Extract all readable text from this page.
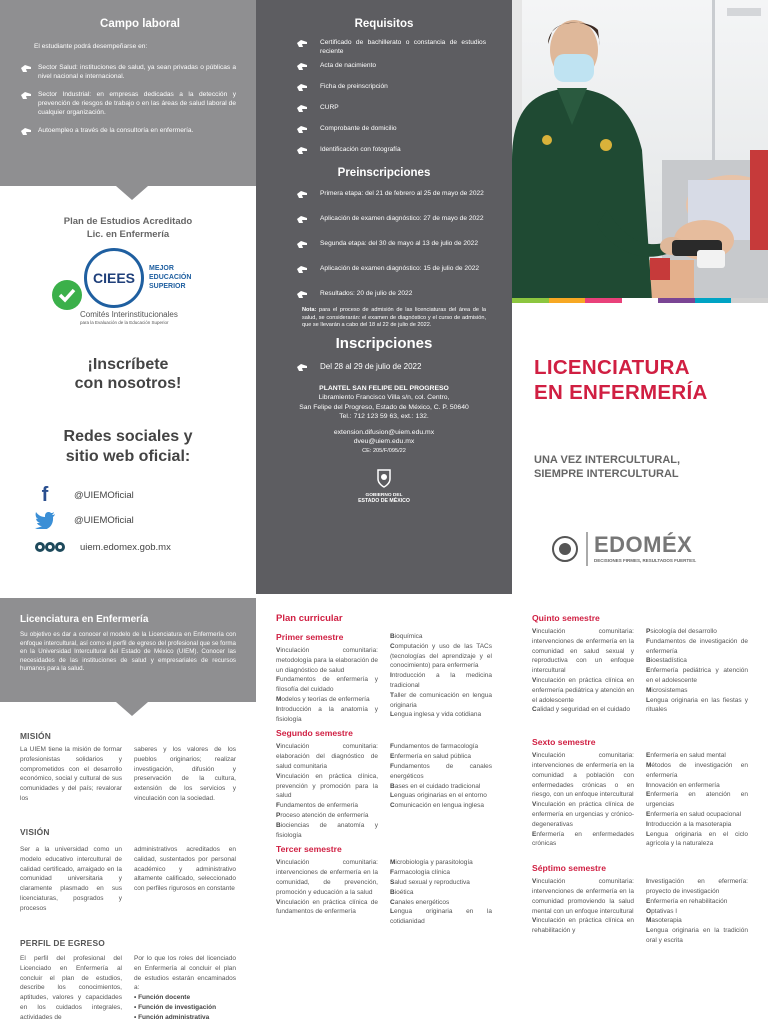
Campo laboral
El estudiante podrá desempeñarse en:
Sector Salud: instituciones de salud, ya sean privadas o públicas a nivel nacional e internacional.
Sector Industrial: en empresas dedicadas a la detección y prevención de riesgos de trabajo o en las áreas de salud laboral de cualquier organización.
Autoempleo a través de la consultoría en enfermería.
Plan de Estudios Acreditado
Lic. en Enfermería
CIEES
MEJOR
EDUCACIÓN
SUPERIOR
Comités Interinstitucionales
para la Evaluación de la Educación Superior
¡Inscríbete
con nosotros!
Redes sociales y
sitio web oficial:
f	@UIEMOficial
@UIEMOficial
uiem.edomex.gob.mx
Requisitos
Certificado de bachillerato o constancia de estudios reciente
Acta de nacimiento
Ficha de preinscripción
CURP
Comprobante de domicilio
Identificación con fotografía
Preinscripciones
Primera etapa: del 21 de febrero al 25 de mayo de 2022
Aplicación de examen diagnóstico: 27 de mayo de 2022
Segunda etapa: del 30 de mayo al 13 de julio de 2022
Aplicación de examen diagnóstico: 15 de julio de 2022
Resultados: 20 de julio de 2022
Nota: para el proceso de admisión de las licenciaturas del área de la salud, se considerarán: el examen de diagnóstico y el curso de admisión, que se llevarán a cabo del 18 al 22 de julio de 2022.
Inscripciones
Del 28 al 29 de julio de 2022
PLANTEL SAN FELIPE DEL PROGRESO
Libramiento Francisco Villa s/n, col. Centro,
San Felipe del Progreso, Estado de México, C. P. 50640
Tel.: 712 123 59 63, ext.: 132.
extension.difusion@uiem.edu.mx
dveu@uiem.edu.mx
CE: 205/F/095/22
GOBIERNO DEL
ESTADO DE MÉXICO
LICENCIATURA
EN ENFERMERÍA
UNA VEZ INTERCULTURAL,
SIEMPRE INTERCULTURAL
EDOMÉX
DECISIONES FIRMES, RESULTADOS FUERTES.
Licenciatura en Enfermería
Su objetivo es dar a conocer el modelo de la Licenciatura en Enfermería con enfoque intercultural, así como el perfil de egreso del profesional que se forma en la Universidad Intercultural del Estado de México (UIEM). Conocer las necesidades de las instituciones de salud y empresariales de recursos humanos para la salud.
MISIÓN

La UIEM tiene la misión de formar profesionistas solidarios y comprometidos con el desarrollo económico, social y cultural de sus comunidades y del país; revalorar los

saberes y los valores de los pueblos originarios; realizar investigación, difusión y preservación de la cultura, extensión de los servicios y vinculación con la sociedad.

VISIÓN

Ser a la universidad como un modelo educativo intercultural de calidad certificado, arraigado en la comunidad universitaria y claramente plasmado en sus licenciaturas, posgrados y procesos

administrativos acreditados en calidad, sustentados por personal académico y administrativo altamente calificado, seleccionado con perfiles rigurosos en constante

PERFIL DE EGRESO

El perfil del profesional del Licenciado en Enfermería al concluir el plan de estudios, describe los conocimientos, aptitudes, valores y capacidades en los cuidados integrales, actividades de

Por lo que los roles del licenciado en Enfermería al concluir el plan de estudios estarán encaminados a:

• Función docente

• Función de investigación

• Función administrativa

Plan curricular
Primer semestre

Vinculación comunitaria: metodología para la elaboración de un diagnóstico de salud

Fundamentos de enfermería y filosofía del cuidado

Modelos y teorías de enfermería

Introducción a la anatomía y fisiología

Bioquímica

Computación y uso de las TACs (tecnologías del aprendizaje y el conocimiento) para enfermería

Introducción a la medicina tradicional

Taller de comunicación en lengua originaria

Lengua inglesa y vida cotidiana

Segundo semestre

Vinculación comunitaria: elaboración del diagnóstico de salud comunitaria

Vinculación en práctica clínica, prevención y promoción para la salud

Fundamentos de enfermería

Proceso atención de enfermería

Biociencias de anatomía y fisiología

Fundamentos de farmacología

Enfermería en salud pública

Fundamentos de canales energéticos

Bases en el cuidado tradicional

Lenguas originarias en el entorno

Comunicación en lengua inglesa

Tercer semestre

Vinculación comunitaria: intervenciones de enfermería en la comunidad, de prevención, promoción y educación a la salud

Vinculación en práctica clínica de fundamentos de enfermería

Microbiología y parasitología

Farmacología clínica

Salud sexual y reproductiva

Bioética

Canales energéticos

Lengua originaria en la cotidianidad

Quinto semestre

Vinculación comunitaria: intervenciones de enfermería en la comunidad en salud sexual y reproductiva con un enfoque intercultural

Vinculación en práctica clínica en enfermería pediátrica y atención en el adolescente

Calidad y seguridad en el cuidado

Psicología del desarrollo

Fundamentos de investigación de enfermería

Bioestadística

Enfermería pediátrica y atención en el adolescente

Microsistemas

Lengua originaria en las fiestas y rituales

Sexto semestre

Vinculación comunitaria: intervenciones de enfermería en la comunidad a población con enfermedades crónicas o en riesgo, con un enfoque intercultural

Vinculación en práctica clínica de enfermería en urgencias y crónico-degenerativas

Enfermería en enfermedades crónicas

Enfermería en salud mental

Métodos de investigación en enfermería

Innovación en enfermería

Enfermería en atención en urgencias

Enfermería en salud ocupacional

Introducción a la masoterapia

Lengua originaria en el ciclo agrícola y la naturaleza

Séptimo semestre

Vinculación comunitaria: intervenciones de enfermería en la comunidad promoviendo la salud mental con un enfoque intercultural

Vinculación en práctica clínica en rehabilitación y

Investigación en efermería: proyecto de investigación

Enfermería en rehabilitación

Optativas I

Masoterapia

Lengua originaria en la tradición oral y escrita
